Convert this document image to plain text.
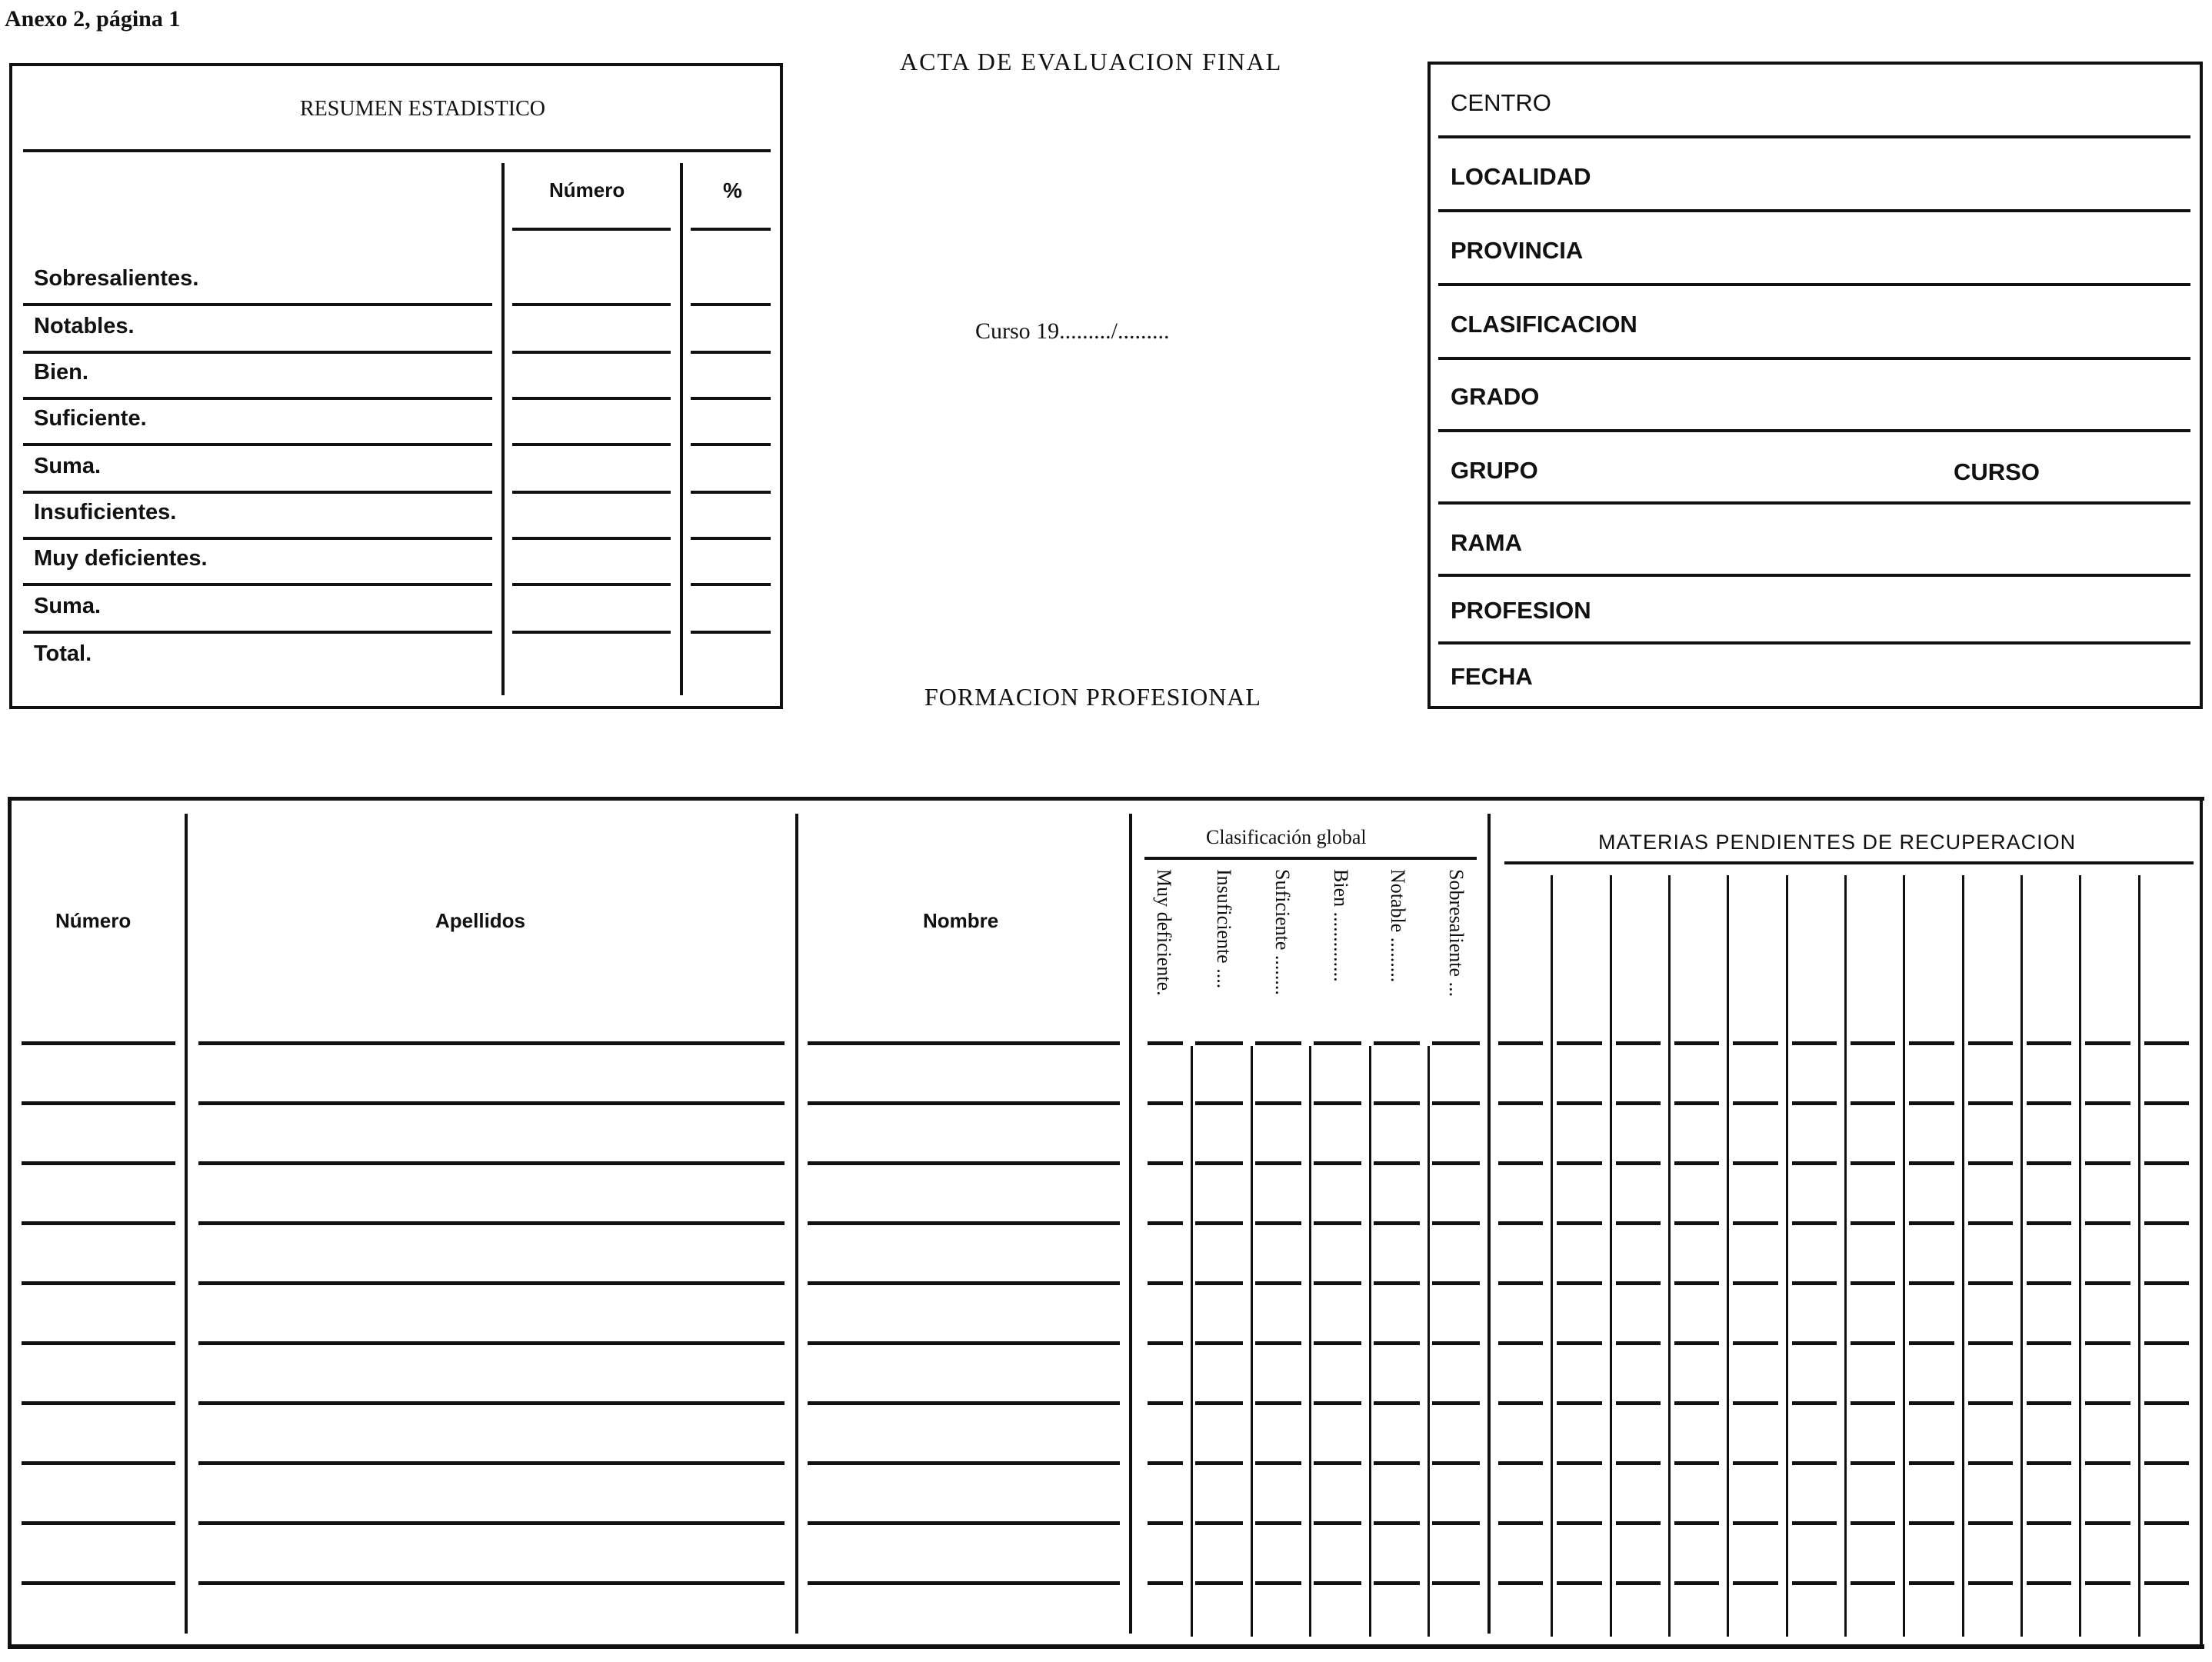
Anexo 2, página 1
ACTA DE EVALUACION FINAL
Curso 19........./.........
FORMACION PROFESIONAL
RESUMEN ESTADISTICO
Número	%
Sobresalientes.
Notables.
Bien.
Suficiente.
Suma.
Insuficientes.
Muy deficientes.
Suma.
Total.
CENTRO
LOCALIDAD
PROVINCIA
CLASIFICACION
GRADO
GRUPO
RAMA
PROFESION
FECHA
CURSO
Número	Apellidos	Nombre
Clasificación global	MATERIAS PENDIENTES DE RECUPERACION
Muy deficiente. Insuficiente .... Suficiente ........ Bien .............. Notable ......... Sobresaliente ...
